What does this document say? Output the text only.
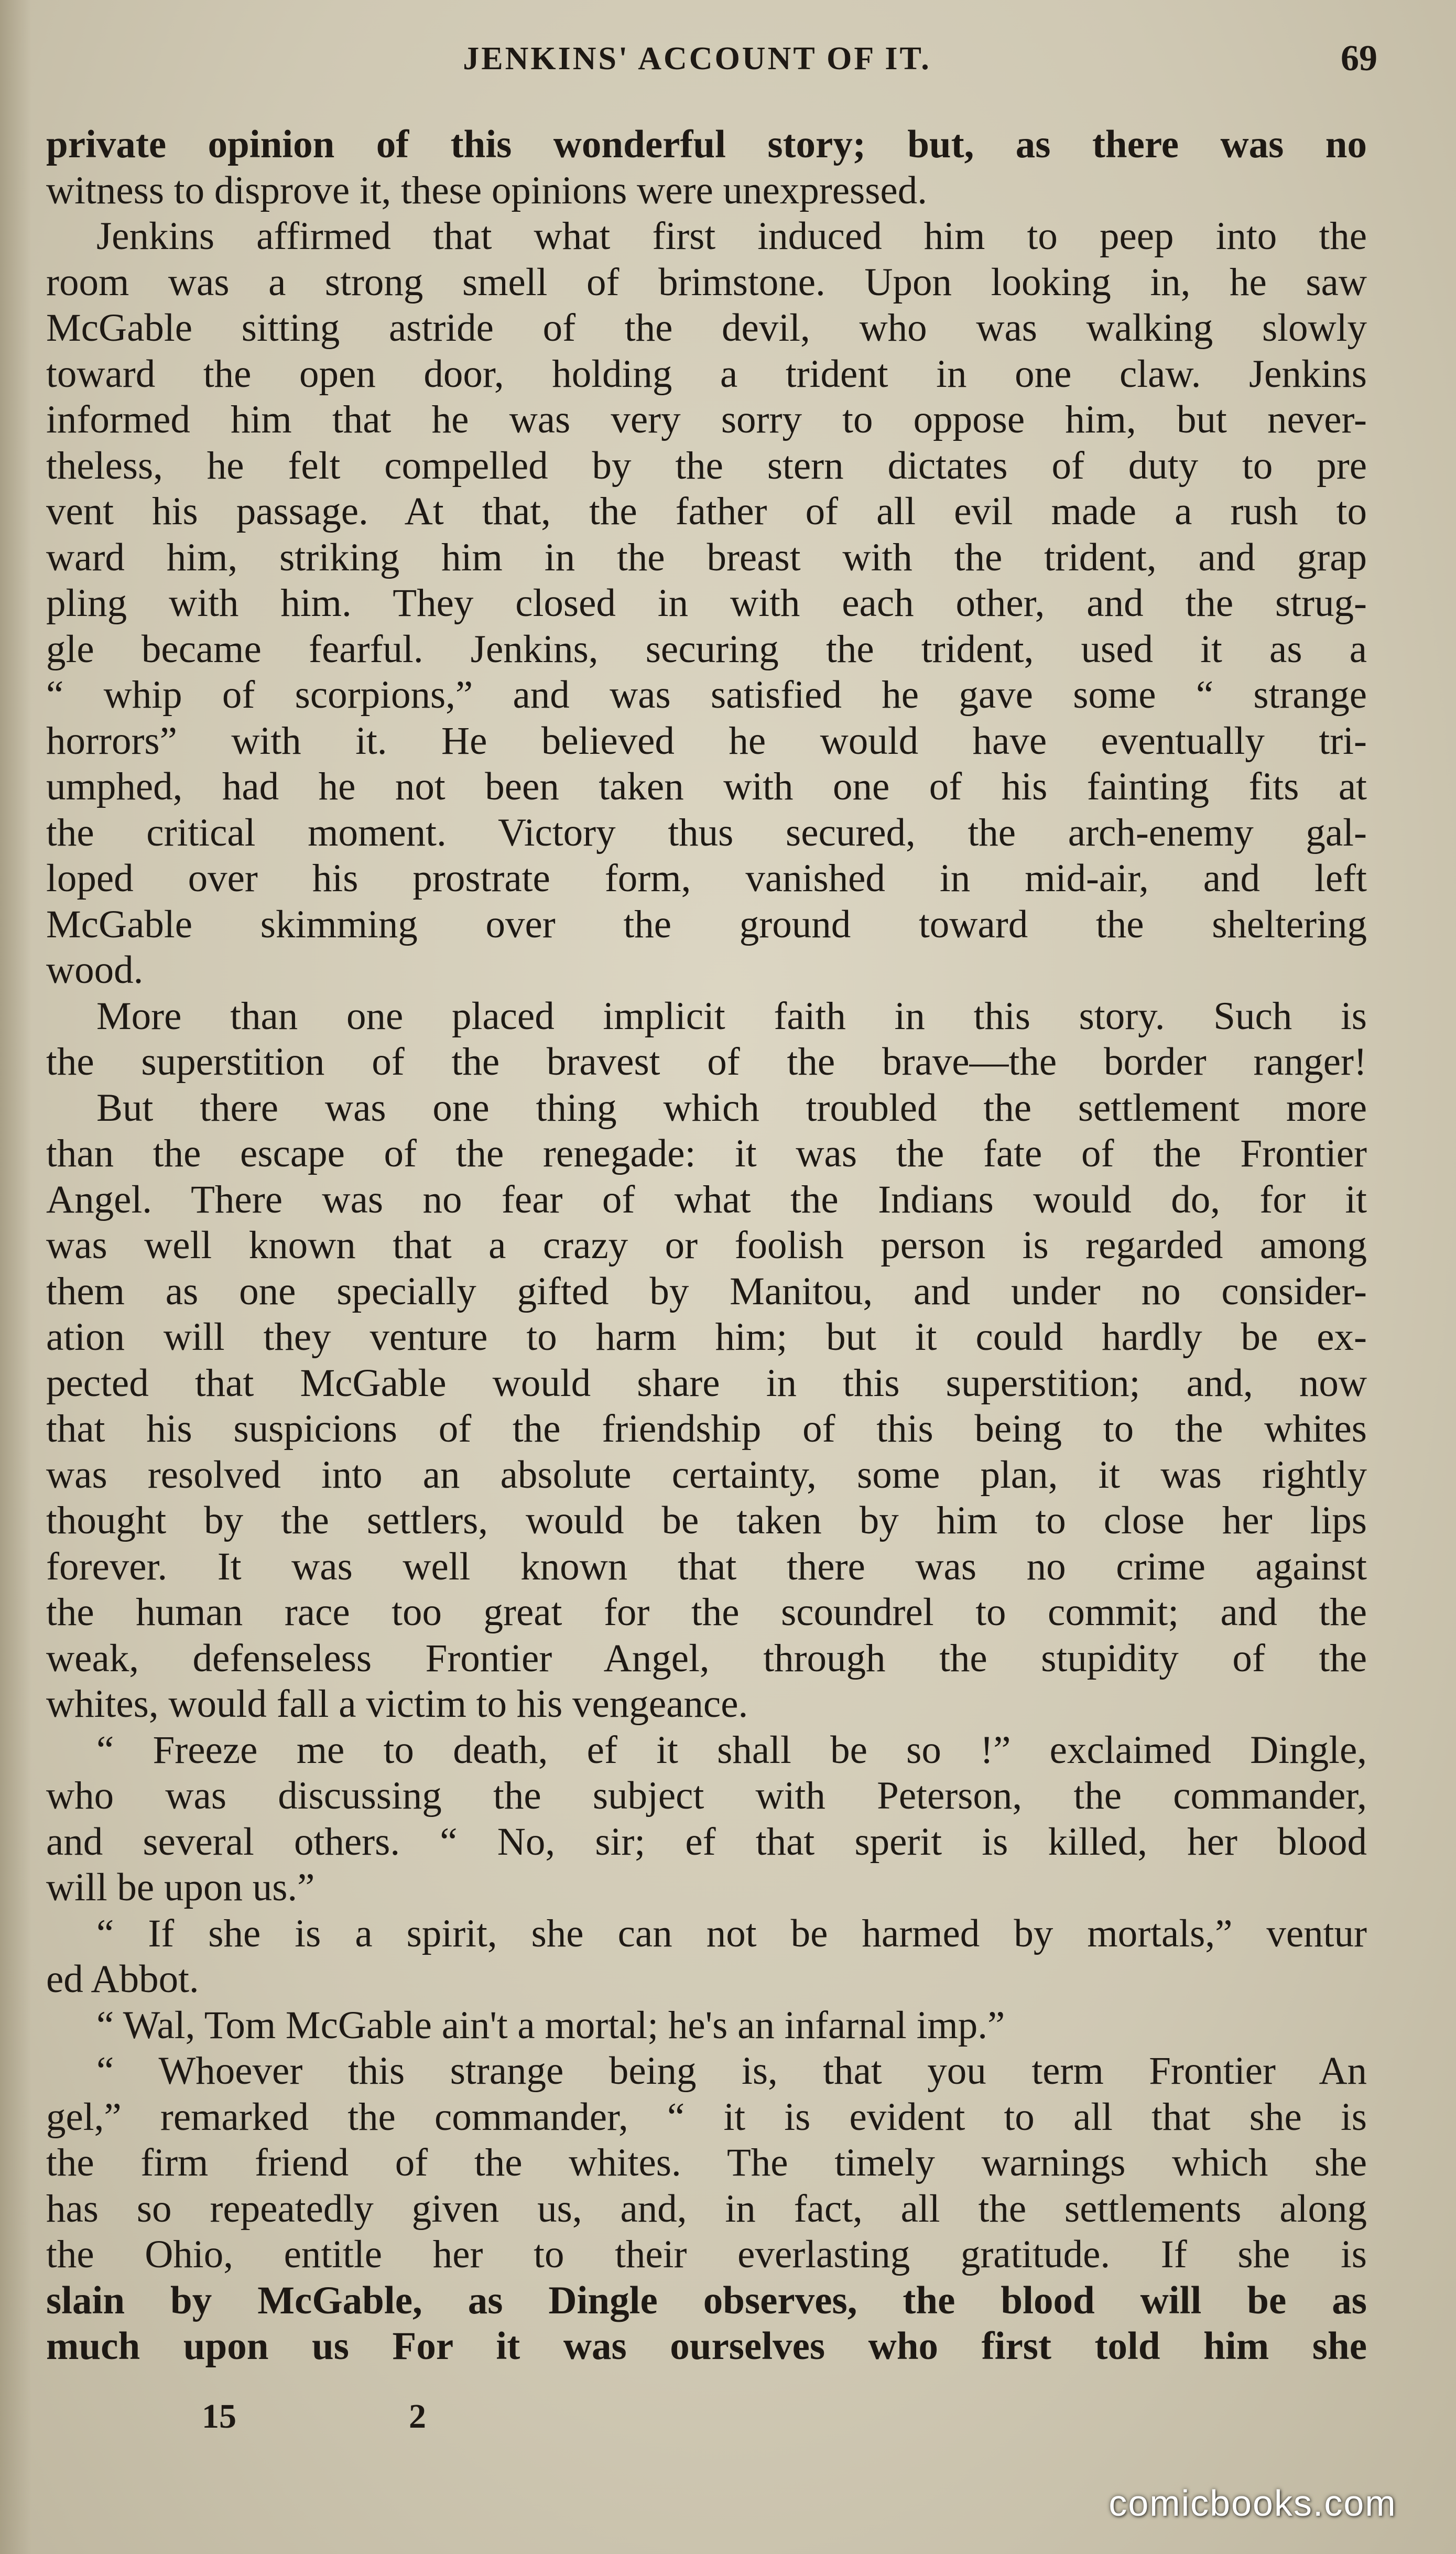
JENKINS' ACCOUNT OF IT.	69
private opinion of this wonderful story; but, as there was no
witness to disprove it, these opinions were unexpressed.
Jenkins affirmed that what first induced him to peep into the
room was a strong smell of brimstone. Upon looking in, he saw
McGable sitting astride of the devil, who was walking slowly
toward the open door, holding a trident in one claw. Jenkins
informed him that he was very sorry to oppose him, but never-
theless, he felt compelled by the stern dictates of duty to pre
vent his passage. At that, the father of all evil made a rush to
ward him, striking him in the breast with the trident, and grap
pling with him. They closed in with each other, and the strug-
gle became fearful. Jenkins, securing the trident, used it as a
“ whip of scorpions,” and was satisfied he gave some “ strange
horrors” with it. He believed he would have eventually tri-
umphed, had he not been taken with one of his fainting fits at
the critical moment. Victory thus secured, the arch-enemy gal-
loped over his prostrate form, vanished in mid-air, and left
McGable skimming over the ground toward the sheltering
wood.
More than one placed implicit faith in this story. Such is
the superstition of the bravest of the brave—the border ranger!
But there was one thing which troubled the settlement more
than the escape of the renegade: it was the fate of the Frontier
Angel. There was no fear of what the Indians would do, for it
was well known that a crazy or foolish person is regarded among
them as one specially gifted by Manitou, and under no consider-
ation will they venture to harm him; but it could hardly be ex-
pected that McGable would share in this superstition; and, now
that his suspicions of the friendship of this being to the whites
was resolved into an absolute certainty, some plan, it was rightly
thought by the settlers, would be taken by him to close her lips
forever. It was well known that there was no crime against
the human race too great for the scoundrel to commit; and the
weak, defenseless Frontier Angel, through the stupidity of the
whites, would fall a victim to his vengeance.
“ Freeze me to death, ef it shall be so !” exclaimed Dingle,
who was discussing the subject with Peterson, the commander,
and several others. “ No, sir; ef that sperit is killed, her blood
will be upon us.”
“ If she is a spirit, she can not be harmed by mortals,” ventur
ed Abbot.
“ Wal, Tom McGable ain't a mortal; he's an infarnal imp.”
“ Whoever this strange being is, that you term Frontier An
gel,” remarked the commander, “ it is evident to all that she is
the firm friend of the whites. The timely warnings which she
has so repeatedly given us, and, in fact, all the settlements along
the Ohio, entitle her to their everlasting gratitude. If she is
slain by McGable, as Dingle observes, the blood will be as
much upon us For it was ourselves who first told him she
15	2
comicbooks.com
